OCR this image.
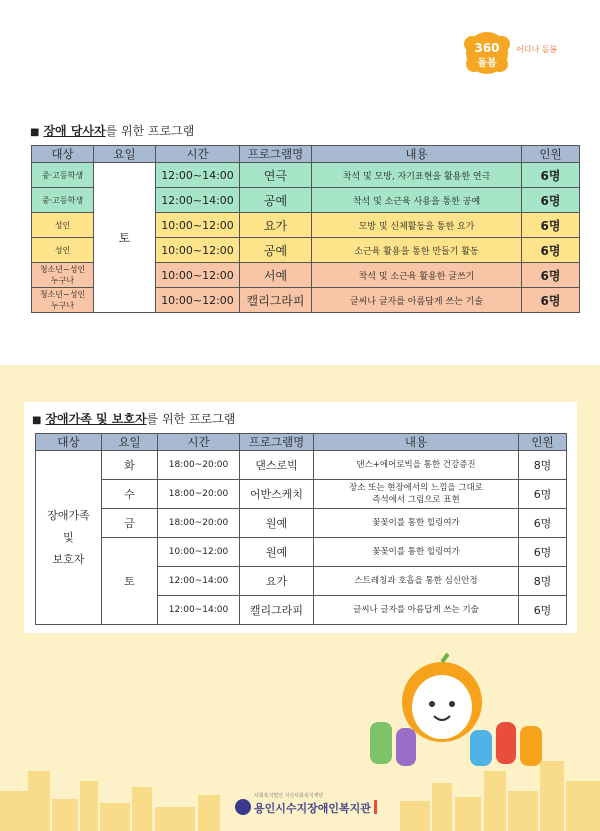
360
돌봄
어디나 돌봄
■ 장애 당사자를 위한 프로그램
대상	요일	시간	프로그램명	내용	인원
중·고등학생	토	12:00~14:00	연극	착석 및 모방, 자기표현을 활용한 연극	6명
중·고등학생		12:00~14:00	공예	착석 및 소근육 사용을 통한 공예	6명
성인		10:00~12:00	요가	모방 및 신체활동을 통한 요가	6명
성인		10:00~12:00	공예	소근육 활용을 통한 만들기 활동	6명

청소년~성인
누구나		10:00~12:00	서예	착석 및 소근육 활용한 글쓰기	6명

청소년~성인
누구나		10:00~12:00	캘리그라피	글씨나 글자를 아름답게 쓰는 기술	6명
■ 장애가족 및 보호자를 위한 프로그램
대상	요일	시간	프로그램명	내용	인원

장애가족
및
보호자	화	18:00~20:00	댄스로빅	댄스+에어로빅을 통한 건강증진	8명
	수	18:00~20:00	어반스케치	장소 또는 현장에서의 느낌을 그대로
즉석에서 그림으로 표현	6명
	금	18:00~20:00	원예	꽃꽂이를 통한 힐링여가	6명
	토	10:00~12:00	원예	꽃꽂이를 통한 힐링여가	6명
		12:00~14:00	요가	스트레칭과 호흡을 통한 심신안정	8명
		12:00~14:00	캘리그라피	글씨나 글자를 아름답게 쓰는 기술	6명
사회복지법인 지산사회복지재단
용인시수지장애인복지관
